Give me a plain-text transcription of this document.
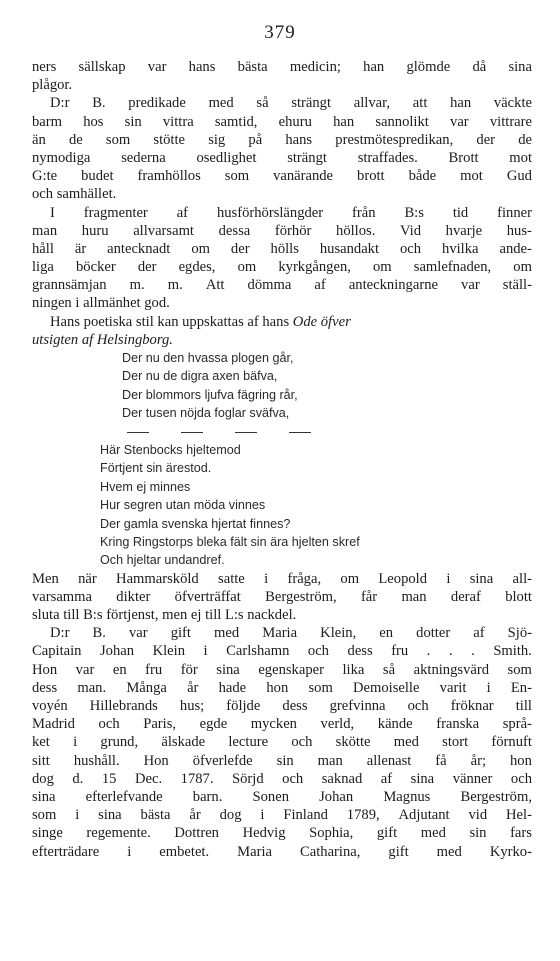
379
ners sällskap var hans bästa medicin; han glömde då sina
plågor.
D:r B. predikade med så strängt allvar, att han väckte
barm hos sin vittra samtid, ehuru han sannolikt var vittrare
än de som stötte sig på hans prestmötespredikan, der de
nymodiga sederna osedlighet strängt straffades. Brott mot
G:te budet framhöllos som vanärande brott både mot Gud
och samhället.
I fragmenter af husförhörslängder från B:s tid finner
man huru allvarsamt dessa förhör höllos. Vid hvarje hus-
håll är antecknadt om der hölls husandakt och hvilka ande-
liga böcker der egdes, om kyrkgången, om samlefnaden, om
grannsämjan m. m. Att dömma af anteckningarne var ställ-
ningen i allmänhet god.
Hans poetiska stil kan uppskattas af hans
Ode öfver
utsigten af Helsingborg.
Der nu den hvassa plogen går,
Der nu de digra axen bäfva,
Der blommors ljufva fägring rår,
Der tusen nöjda foglar sväfva,
Här Stenbocks hjeltemod
Förtjent sin ärestod.
Hvem ej minnes
Hur segren utan möda vinnes
Der gamla svenska hjertat finnes?
Kring Ringstorps bleka fält sin ära hjelten skref
Och hjeltar undandref.
Men när Hammarsköld satte i fråga, om Leopold i sina all-
varsamma dikter öfverträffat Bergeström, får man deraf blott
sluta till B:s förtjenst, men ej till L:s nackdel.
D:r B. var gift med Maria Klein, en dotter af Sjö-
Capitain Johan Klein i Carlshamn och dess fru . . . Smith.
Hon var en fru för sina egenskaper lika så aktningsvärd som
dess man. Många år hade hon som Demoiselle varit i En-
voyén Hillebrands hus; följde dess grefvinna och fröknar till
Madrid och Paris, egde mycken verld, kände franska språ-
ket i grund, älskade lecture och skötte med stort förnuft
sitt hushåll. Hon öfverlefde sin man allenast få år; hon
dog d. 15 Dec. 1787. Sörjd och saknad af sina vänner och
sina efterlefvande barn. Sonen Johan Magnus Bergeström,
som i sina bästa år dog i Finland 1789, Adjutant vid Hel-
singe regemente. Dottren Hedvig Sophia, gift med sin fars
efterträdare i embetet. Maria Catharina, gift med Kyrko-
